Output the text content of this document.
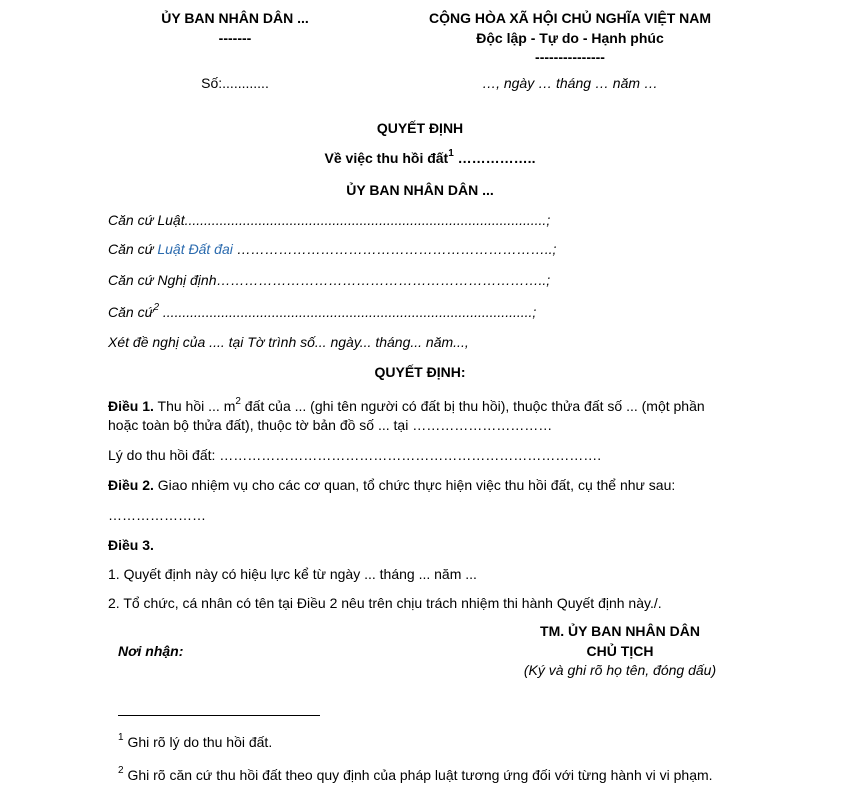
ỦY BAN NHÂN DÂN ...
-------
CỘNG HÒA XÃ HỘI CHỦ NGHĨA VIỆT NAM
Độc lập - Tự do - Hạnh phúc
---------------
Số:............	…, ngày … tháng … năm …
QUYẾT ĐỊNH
Về việc thu hồi đất$^1$ ……………..
ỦY BAN NHÂN DÂN ...
Căn cứ Luật.............................................................................................;
Căn cứ Luật Đất đai …………………………………………………………..;
Căn cứ Nghị định……………………………………………………………..;
Căn cứ$^2$ ...............................................................................................;
Xét đề nghị của .... tại Tờ trình số... ngày... tháng... năm...,
QUYẾT ĐỊNH:
Điều 1. Thu hồi ... $m^2$ đất của ... (ghi tên người có đất bị thu hồi), thuộc thửa đất số ... (một phần
hoặc toàn bộ thửa đất), thuộc tờ bản đồ số ... tại …………………………
Lý do thu hồi đất: ……………………………………………………………………….
Điều 2. Giao nhiệm vụ cho các cơ quan, tổ chức thực hiện việc thu hồi đất, cụ thể như sau:
…………………
Điều 3.
1. Quyết định này có hiệu lực kể từ ngày ... tháng ... năm ...
2. Tổ chức, cá nhân có tên tại Điều 2 nêu trên chịu trách nhiệm thi hành Quyết định này./.
Nơi nhận:
TM. ỦY BAN NHÂN DÂN
CHỦ TỊCH
(Ký và ghi rõ họ tên, đóng dấu)
$^1$ Ghi rõ lý do thu hồi đất.
$^2$ Ghi rõ căn cứ thu hồi đất theo quy định của pháp luật tương ứng đối với từng hành vi vi phạm.
